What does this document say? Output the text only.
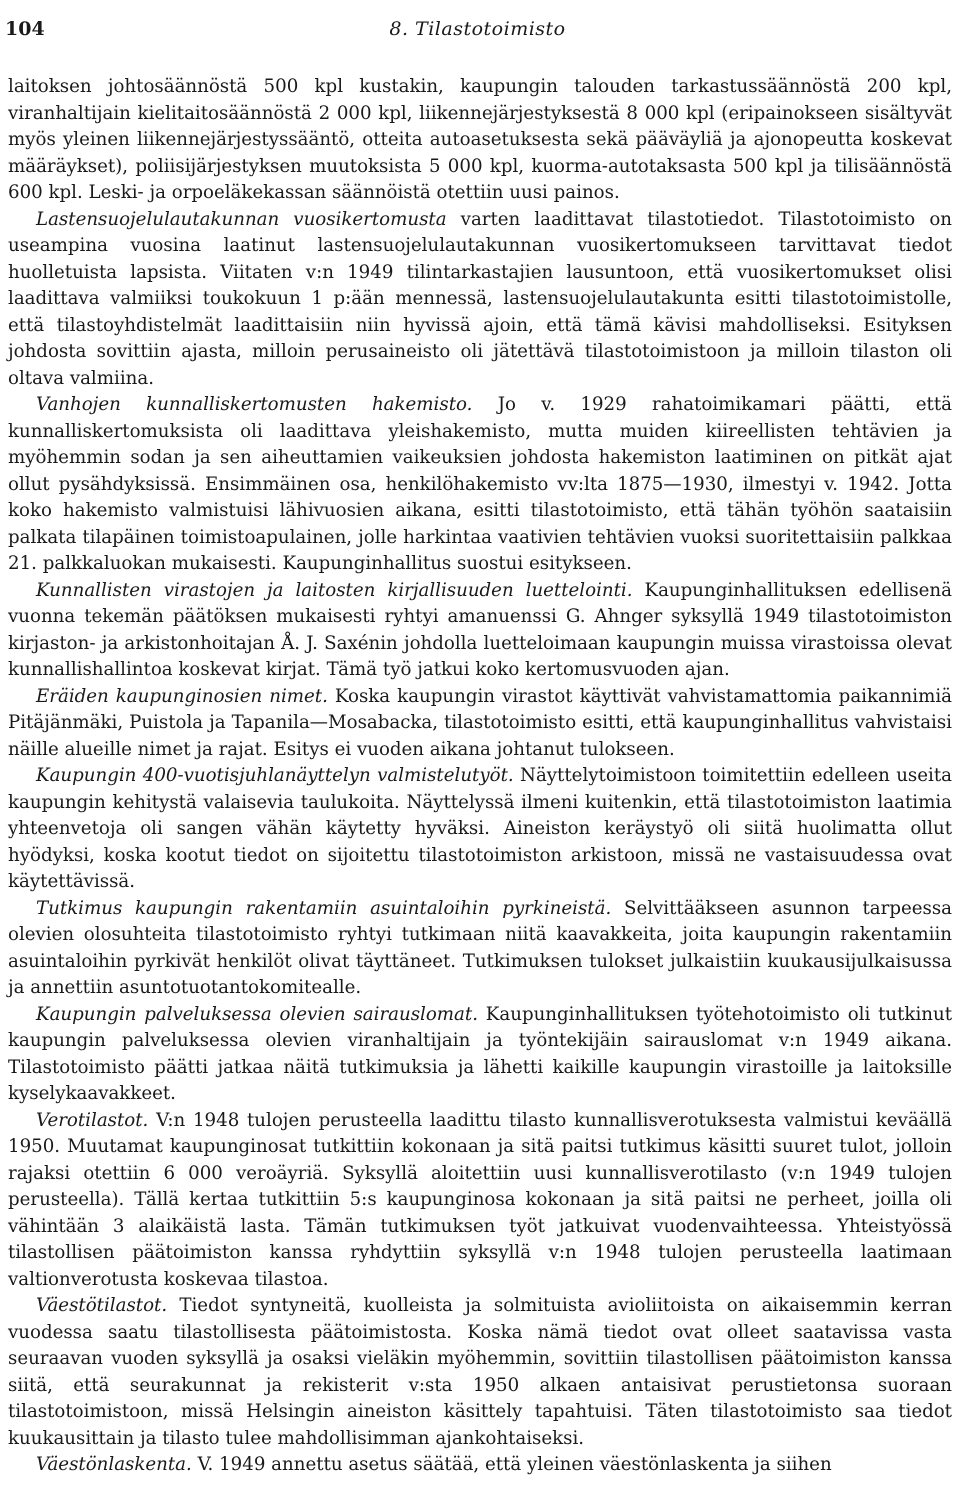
104	8. Tilastotoimisto

laitoksen johtosäännöstä 500 kpl kustakin, kaupungin talouden tarkastussäännöstä 200 kpl, viranhaltijain kielitaitosäännöstä 2 000 kpl, liikennejärjestyksestä 8 000 kpl (eripainokseen sisältyvät myös yleinen liikennejärjestyssääntö, otteita autoasetuksesta sekä pääväyliä ja ajonopeutta koskevat määräykset), poliisijärjestyksen muutoksista 5 000 kpl, kuorma-autotaksasta 500 kpl ja tilisäännöstä 600 kpl. Leski- ja orpoeläkekassan säännöistä otettiin uusi painos.

Lastensuojelulautakunnan vuosikertomusta varten laadittavat tilastotiedot. Tilastotoimisto on useampina vuosina laatinut lastensuojelulautakunnan vuosikertomukseen tarvittavat tiedot huolletuista lapsista. Viitaten v:n 1949 tilintarkastajien lausuntoon, että vuosikertomukset olisi laadittava valmiiksi toukokuun 1 p:ään mennessä, lastensuojelulautakunta esitti tilastotoimistolle, että tilastoyhdistelmät laadittaisiin niin hyvissä ajoin, että tämä kävisi mahdolliseksi. Esityksen johdosta sovittiin ajasta, milloin perusaineisto oli jätettävä tilastotoimistoon ja milloin tilaston oli oltava valmiina.

Vanhojen kunnalliskertomusten hakemisto. Jo v. 1929 rahatoimikamari päätti, että kunnalliskertomuksista oli laadittava yleishakemisto, mutta muiden kiireellisten tehtävien ja myöhemmin sodan ja sen aiheuttamien vaikeuksien johdosta hakemiston laatiminen on pitkät ajat ollut pysähdyksissä. Ensimmäinen osa, henkilöhakemisto vv:lta 1875—1930, ilmestyi v. 1942. Jotta koko hakemisto valmistuisi lähivuosien aikana, esitti tilastotoimisto, että tähän työhön saataisiin palkata tilapäinen toimistoapulainen, jolle harkintaa vaativien tehtävien vuoksi suoritettaisiin palkkaa 21. palkkaluokan mukaisesti. Kaupunginhallitus suostui esitykseen.

Kunnallisten virastojen ja laitosten kirjallisuuden luettelointi. Kaupunginhallituksen edellisenä vuonna tekemän päätöksen mukaisesti ryhtyi amanuenssi G. Ahnger syksyllä 1949 tilastotoimiston kirjaston- ja arkistonhoitajan Å. J. Saxénin johdolla luettelоimaan kaupungin muissa virastoissa olevat kunnallishallintoa koskevat kirjat. Tämä työ jatkui koko kertomusvuoden ajan.

Eräiden kaupunginosien nimet. Koska kaupungin virastot käyttivät vahvistamattomia paikannimiä Pitäjänmäki, Puistola ja Tapanila—Mosabacka, tilastotoimisto esitti, että kaupunginhallitus vahvistaisi näille alueille nimet ja rajat. Esitys ei vuoden aikana johtanut tulokseen.

Kaupungin 400-vuotisjuhlanäyttelyn valmistelutyöt. Näyttelytoimistoon toimitettiin edelleen useita kaupungin kehitystä valaisevia taulukoita. Näyttelyssä ilmeni kuitenkin, että tilastotoimiston laatimia yhteenvetoja oli sangen vähän käytetty hyväksi. Aineiston keräystyö oli siitä huolimatta ollut hyödyksi, koska kootut tiedot on sijoitettu tilastotoimiston arkistoon, missä ne vastaisuudessa ovat käytettävissä.

Tutkimus kaupungin rakentamiin asuintaloihin pyrkineistä. Selvittääkseen asunnon tarpeessa olevien olosuhteita tilastotoimisto ryhtyi tutkimaan niitä kaavakkeita, joita kaupungin rakentamiin asuintaloihin pyrkivät henkilöt olivat täyttäneet. Tutkimuksen tulokset julkaistiin kuukausijulkaisussa ja annettiin asuntotuotantokomitealle.

Kaupungin palveluksessa olevien sairauslomat. Kaupunginhallituksen työtehotoimisto oli tutkinut kaupungin palveluksessa olevien viranhaltijain ja työntekijäin sairauslomat v:n 1949 aikana. Tilastotoimisto päätti jatkaa näitä tutkimuksia ja lähetti kaikille kaupungin virastoille ja laitoksille kyselykaavakkeet.

Verotilastot. V:n 1948 tulojen perusteella laadittu tilasto kunnallisverotuksesta valmistui keväällä 1950. Muutamat kaupunginosat tutkittiin kokonaan ja sitä paitsi tutkimus käsitti suuret tulot, jolloin rajaksi otettiin 6 000 veroäyriä. Syksyllä aloitettiin uusi kunnallisverotilasto (v:n 1949 tulojen perusteella). Tällä kertaa tutkittiin 5:s kaupunginosa kokonaan ja sitä paitsi ne perheet, joilla oli vähintään 3 alaikäistä lasta. Tämän tutkimuksen työt jatkuivat vuodenvaihteessa. Yhteistyössä tilastollisen päätoimiston kanssa ryhdyttiin syksyllä v:n 1948 tulojen perusteella laatimaan valtionverotusta koskevaa tilastoa.

Väestötilastot. Tiedot syntyneitä, kuolleista ja solmituista avioliitoista on aikaisemmin kerran vuodessa saatu tilastollisesta päätoimistosta. Koska nämä tiedot ovat olleet saatavissa vasta seuraavan vuoden syksyllä ja osaksi vieläkin myöhemmin, sovittiin tilastollisen päätoimiston kanssa siitä, että seurakunnat ja rekisterit v:sta 1950 alkaen antaisivat perustietonsa suoraan tilastotoimistoon, missä Helsingin aineiston käsittely tapahtuisi. Täten tilastotoimisto saa tiedot kuukausittain ja tilasto tulee mahdollisimman ajankohtaiseksi.

Väestönlaskenta. V. 1949 annettu asetus säätää, että yleinen väestönlaskenta ja siihen
